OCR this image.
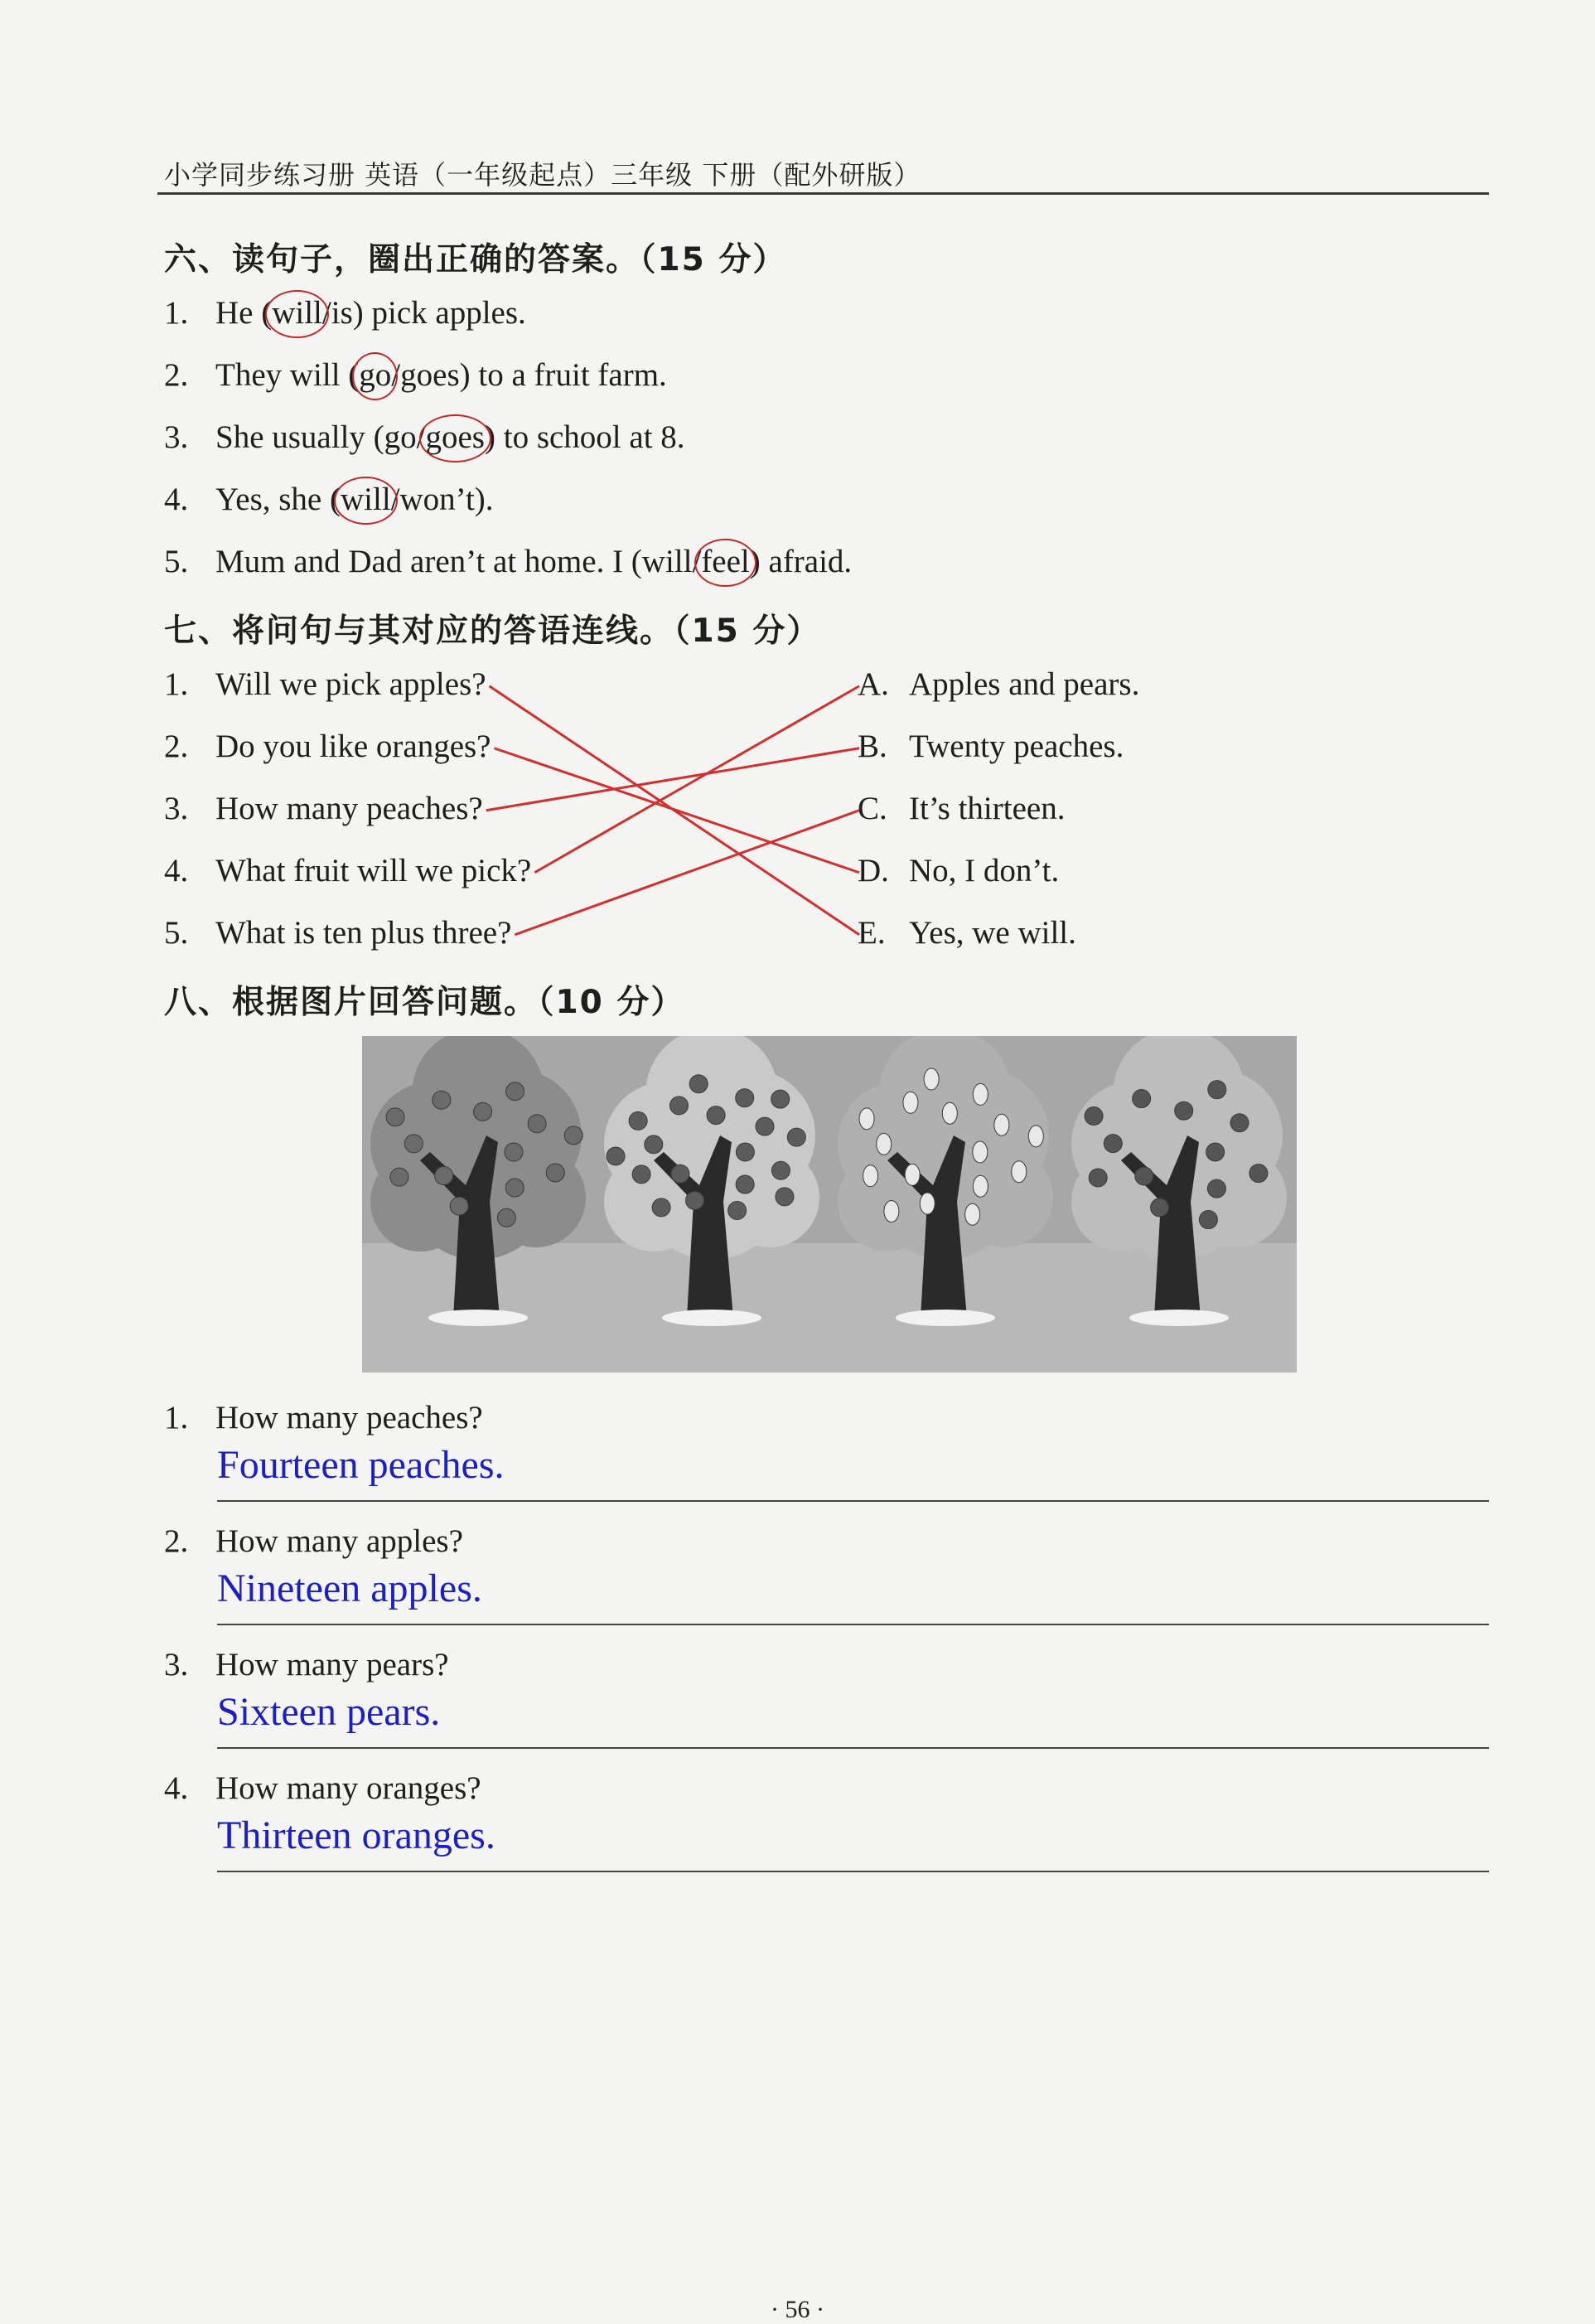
小学同步练习册 英语（一年级起点）三年级 下册（配外研版）
六、读句子，圈出正确的答案。（15 分）
1. He (will/is) pick apples.
2. They will (go/goes) to a fruit farm.
3. She usually (go/goes) to school at 8.
4. Yes, she (will/won’t).
5. Mum and Dad aren’t at home. I (will/feel) afraid.
七、将问句与其对应的答语连线。（15 分）
1. Will we pick apples?
2. Do you like oranges?
3. How many peaches?
4. What fruit will we pick?
5. What is ten plus three?
A. Apples and pears.
B. Twenty peaches.
C. It’s thirteen.
D. No, I don’t.
E. Yes, we will.
八、根据图片回答问题。（10 分）
1. How many peaches?
Fourteen peaches.
2. How many apples?
Nineteen apples.
3. How many pears?
Sixteen pears.
4. How many oranges?
Thirteen oranges.
· 56 ·
